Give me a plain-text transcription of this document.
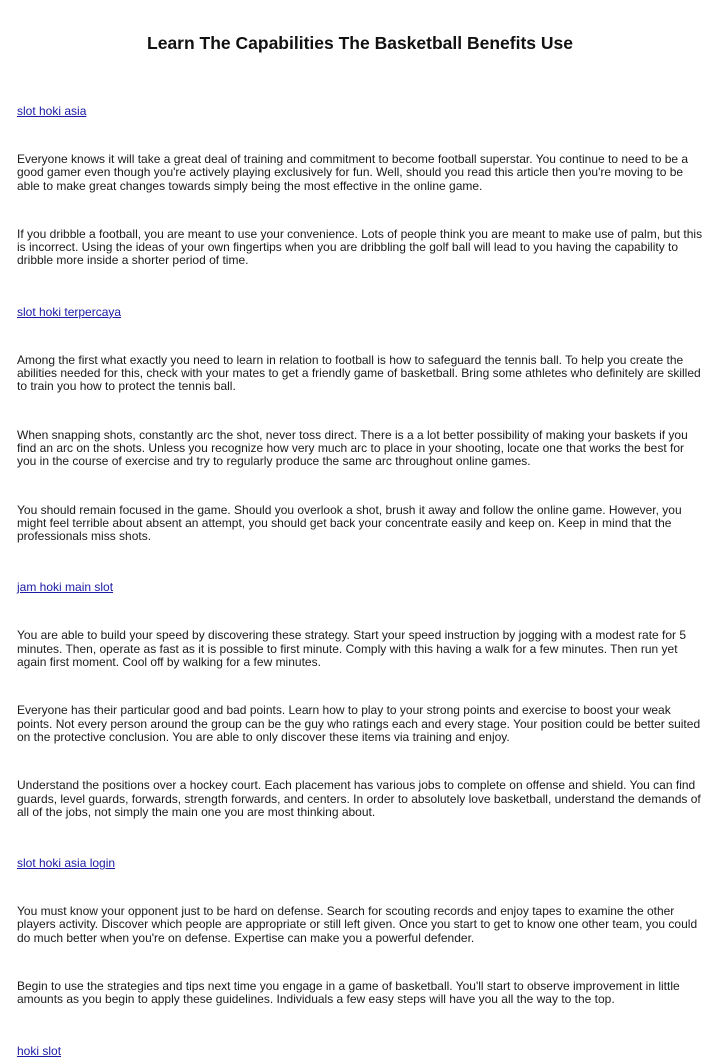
Learn The Capabilities The Basketball Benefits Use
slot hoki asia

Everyone knows it will take a great deal of training and commitment to become football superstar. You continue to need to be a good gamer even though you're actively playing exclusively for fun. Well, should you read this article then you're moving to be able to make great changes towards simply being the most effective in the online game.

If you dribble a football, you are meant to use your convenience. Lots of people think you are meant to make use of palm, but this is incorrect. Using the ideas of your own fingertips when you are dribbling the golf ball will lead to you having the capability to dribble more inside a shorter period of time.

slot hoki terpercaya

Among the first what exactly you need to learn in relation to football is how to safeguard the tennis ball. To help you create the abilities needed for this, check with your mates to get a friendly game of basketball. Bring some athletes who definitely are skilled to train you how to protect the tennis ball.

When snapping shots, constantly arc the shot, never toss direct. There is a a lot better possibility of making your baskets if you find an arc on the shots. Unless you recognize how very much arc to place in your shooting, locate one that works the best for you in the course of exercise and try to regularly produce the same arc throughout online games.

You should remain focused in the game. Should you overlook a shot, brush it away and follow the online game. However, you might feel terrible about absent an attempt, you should get back your concentrate easily and keep on. Keep in mind that the professionals miss shots.

jam hoki main slot

You are able to build your speed by discovering these strategy. Start your speed instruction by jogging with a modest rate for 5 minutes. Then, operate as fast as it is possible to first minute. Comply with this having a walk for a few minutes. Then run yet again first moment. Cool off by walking for a few minutes.

Everyone has their particular good and bad points. Learn how to play to your strong points and exercise to boost your weak points. Not every person around the group can be the guy who ratings each and every stage. Your position could be better suited on the protective conclusion. You are able to only discover these items via training and enjoy.

Understand the positions over a hockey court. Each placement has various jobs to complete on offense and shield. You can find guards, level guards, forwards, strength forwards, and centers. In order to absolutely love basketball, understand the demands of all of the jobs, not simply the main one you are most thinking about.

slot hoki asia login

You must know your opponent just to be hard on defense. Search for scouting records and enjoy tapes to examine the other players activity. Discover which people are appropriate or still left given. Once you start to get to know one other team, you could do much better when you're on defense. Expertise can make you a powerful defender.

Begin to use the strategies and tips next time you engage in a game of basketball. You'll start to observe improvement in little amounts as you begin to apply these guidelines. Individuals a few easy steps will have you all the way to the top.

hoki slot
